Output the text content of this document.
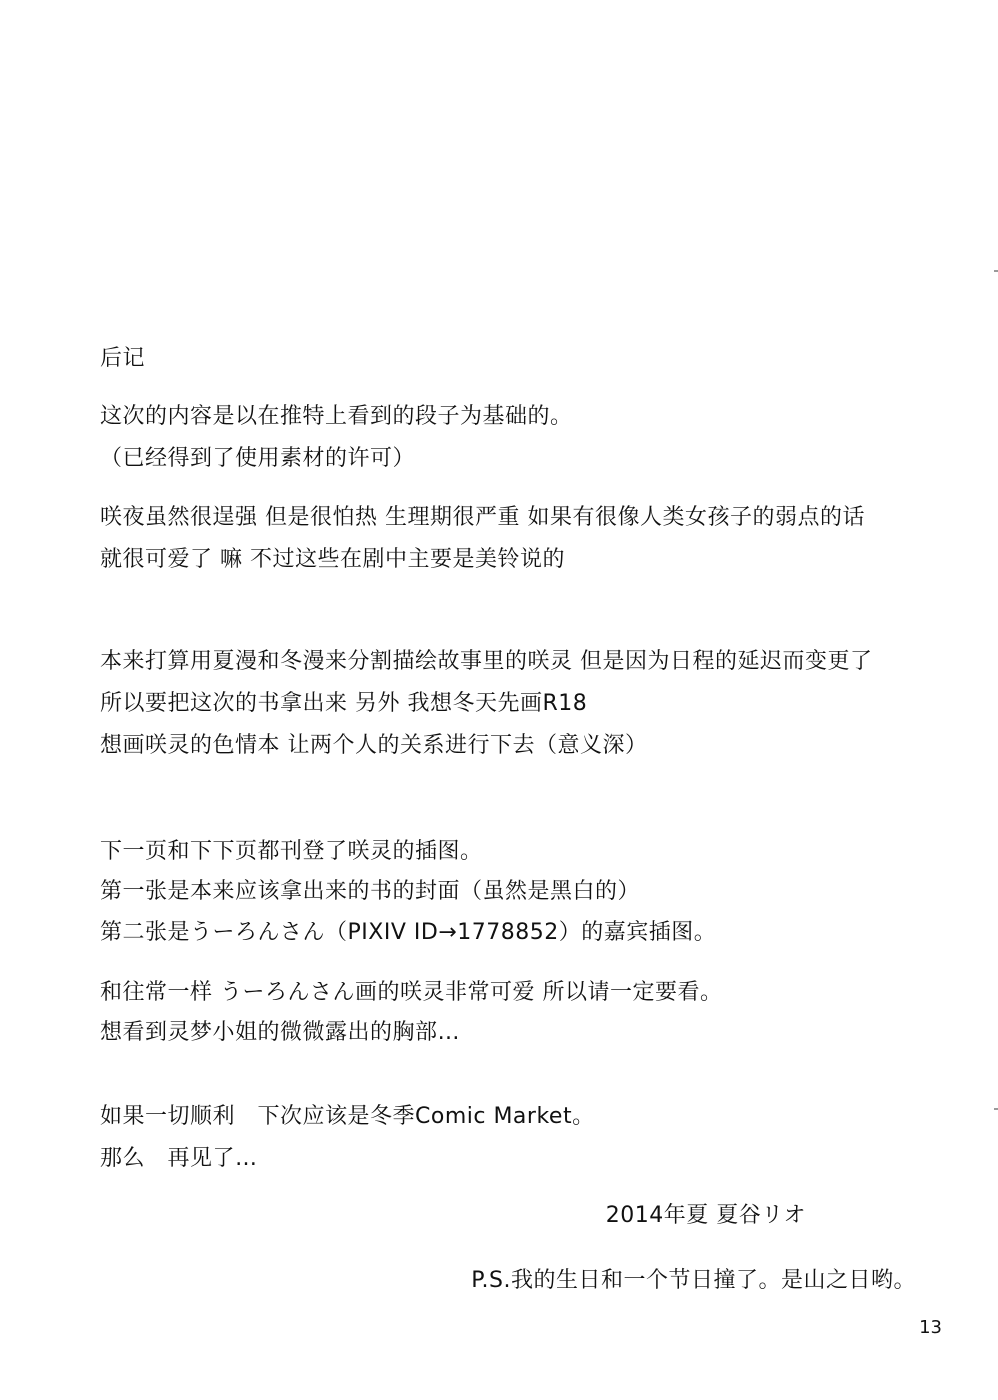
后记
这次的内容是以在推特上看到的段子为基础的。
（已经得到了使用素材的许可）
咲夜虽然很逞强 但是很怕热 生理期很严重 如果有很像人类女孩子的弱点的话
就很可爱了 嘛 不过这些在剧中主要是美铃说的
本来打算用夏漫和冬漫来分割描绘故事里的咲灵 但是因为日程的延迟而变更了
所以要把这次的书拿出来 另外 我想冬天先画R18
想画咲灵的色情本 让两个人的关系进行下去（意义深）
下一页和下下页都刊登了咲灵的插图。
第一张是本来应该拿出来的书的封面（虽然是黑白的）
第二张是うーろんさん（PIXIV ID→1778852）的嘉宾插图。
和往常一样 うーろんさん画的咲灵非常可爱 所以请一定要看。
想看到灵梦小姐的微微露出的胸部…
如果一切顺利　下次应该是冬季Comic Market。
那么　再见了…
2014年夏 夏谷リオ
P.S.我的生日和一个节日撞了。是山之日哟。
13
